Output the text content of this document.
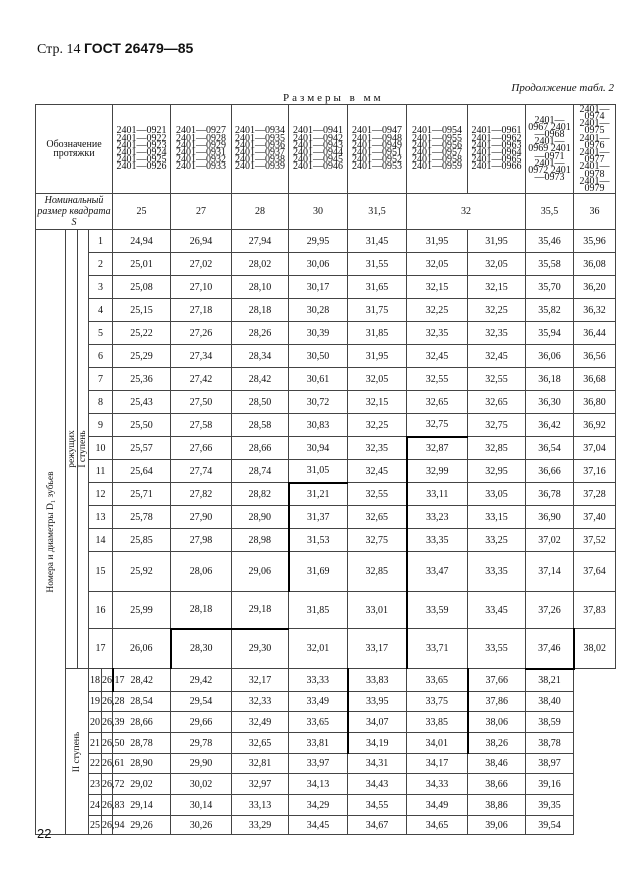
Стр. 14 ГОСТ 26479—85
Продолжение табл. 2
Размеры в мм
Обозначение протяжки					2401—0921 2401—0922 2401—0923 2401—0924 2401—0925 2401—0926	2401—0927 2401—0928 2401—0929 2401—0931 2401—0932 2401—0933	2401—0934 2401—0935 2401—0936 2401—0937 2401—0938 2401—0939	2401—0941 2401—0942 2401—0943 2401—0944 2401—0945 2401—0946	2401—0947 2401—0948 2401—0949 2401—0951 2401—0952 2401—0953	2401—0954 2401—0955 2401—0956 2401—0957 2401—0958 2401—0959	2401—0961 2401—0962 2401—0963 2401—0964 2401—0965 2401—0966	2401—0967 2401—0968 2401—0969 2401—0971 2401—0972 2401—0973	2401—0974 2401—0975 2401—0976 2401—0977 2401—0978 2401—0979
Номинальный размер квадрата S					25	27	28	30	31,5	32		35,5	36

Номера и диаметры D₁ зубьев	режущих	I ступень	1		24,94	26,94	27,94	29,95	31,45	31,95	31,95	35,46	35,96
			2		25,01	27,02	28,02	30,06	31,55	32,05	32,05	35,58	36,08
			3		25,08	27,10	28,10	30,17	31,65	32,15	32,15	35,70	36,20
			4		25,15	27,18	28,18	30,28	31,75	32,25	32,25	35,82	36,32
			5		25,22	27,26	28,26	30,39	31,85	32,35	32,35	35,94	36,44
			6		25,29	27,34	28,34	30,50	31,95	32,45	32,45	36,06	36,56
			7		25,36	27,42	28,42	30,61	32,05	32,55	32,55	36,18	36,68
			8		25,43	27,50	28,50	30,72	32,15	32,65	32,65	36,30	36,80
			9		25,50	27,58	28,58	30,83	32,25	32,75	32,75	36,42	36,92
			10		25,57	27,66	28,66	30,94	32,35	32,87	32,85	36,54	37,04
			11		25,64	27,74	28,74	31,05	32,45	32,99	32,95	36,66	37,16
			12		25,71	27,82	28,82	31,21	32,55	33,11	33,05	36,78	37,28
			13		25,78	27,90	28,90	31,37	32,65	33,23	33,15	36,90	37,40
			14		25,85	27,98	28,98	31,53	32,75	33,35	33,25	37,02	37,52
			15		25,92	28,06	29,06	31,69	32,85	33,47	33,35	37,14	37,64
			16		25,99	28,18	29,18	31,85	33,01	33,59	33,45	37,26	37,83
			17		26,06	28,30	29,30	32,01	33,17	33,71	33,55	37,46	38,02

	II ступень		18	26,17	28,42	29,42	32,17	33,33	33,83	33,65	37,66	38,21	
			19	26,28	28,54	29,54	32,33	33,49	33,95	33,75	37,86	38,40	
			20	26,39	28,66	29,66	32,49	33,65	34,07	33,85	38,06	38,59	
			21	26,50	28,78	29,78	32,65	33,81	34,19	34,01	38,26	38,78	
			22	26,61	28,90	29,90	32,81	33,97	34,31	34,17	38,46	38,97	
			23	26,72	29,02	30,02	32,97	34,13	34,43	34,33	38,66	39,16	
			24	26,83	29,14	30,14	33,13	34,29	34,55	34,49	38,86	39,35	
			25	26,94	29,26	30,26	33,29	34,45	34,67	34,65	39,06	39,54	
22
